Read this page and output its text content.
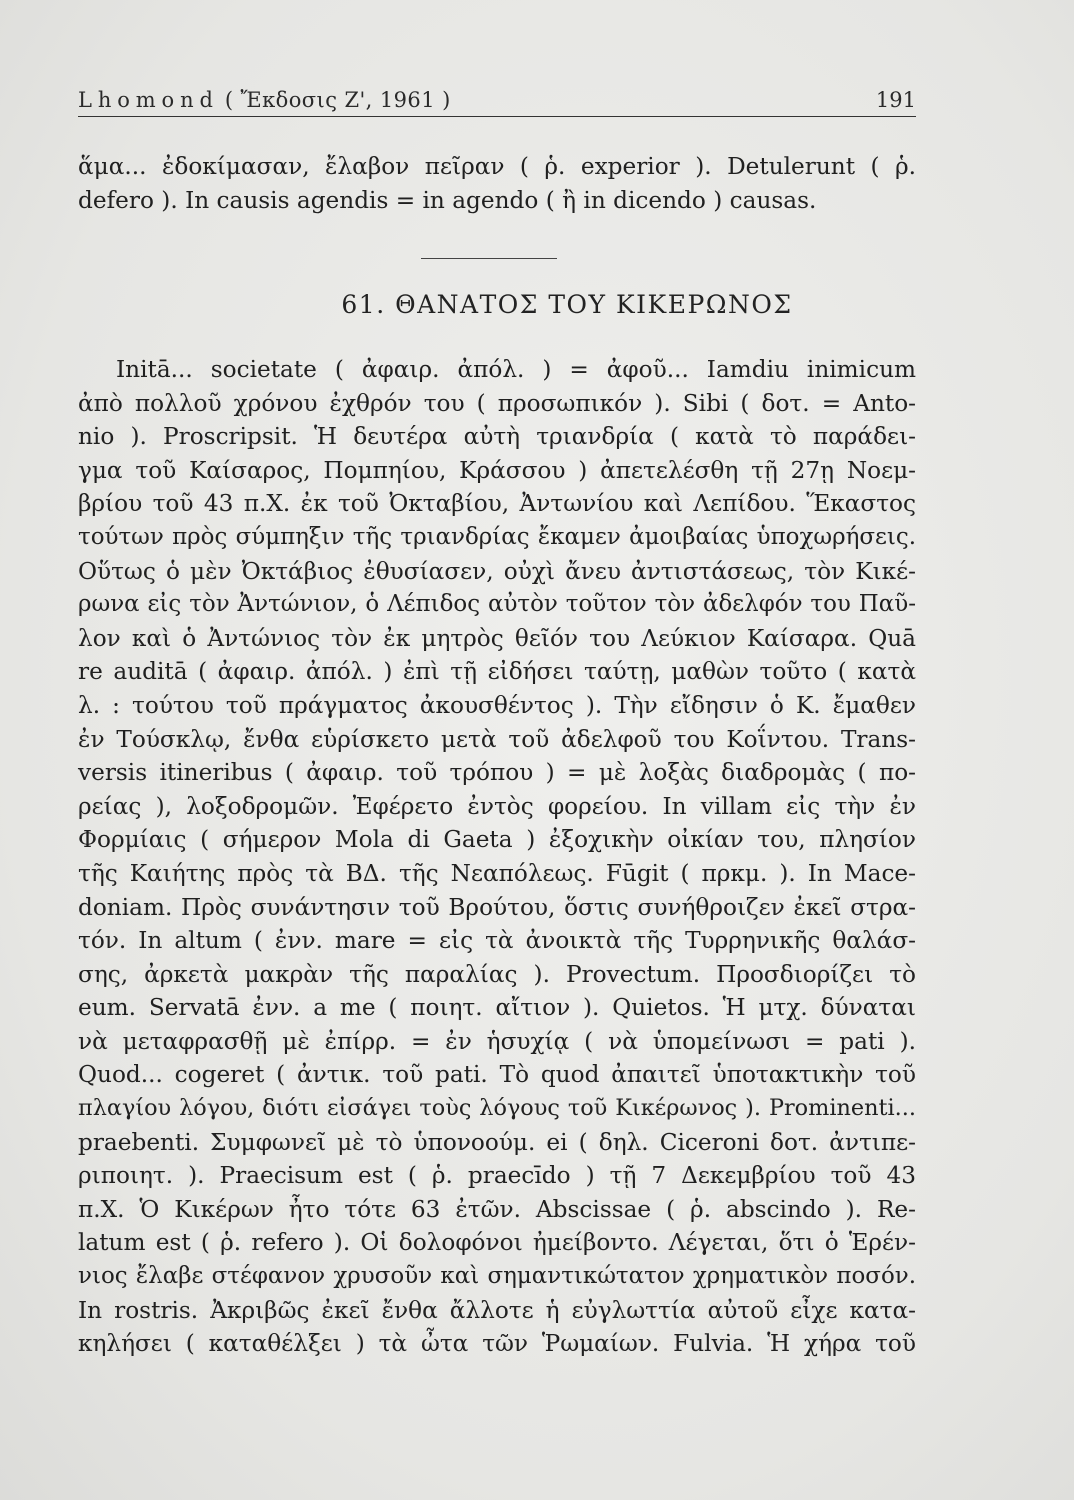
Lhomond ( Ἔκδοσις Ζ', 1961 )	191
ἅμα... ἐδοκίμασαν, ἔλαβον πεῖραν ( ῥ. experior ). Detulerunt ( ῥ.
defero ). In causis agendis = in agendo ( ἢ in dicendo ) causas.
61. ΘΑΝΑΤΟΣ ΤΟΥ ΚΙΚΕΡΩΝΟΣ
Initā... societate ( ἀφαιρ. ἀπόλ. ) = ἀφοῦ... Iamdiu inimicum
ἀπὸ πολλοῦ χρόνου ἐχθρόν του ( προσωπικόν ). Sibi ( δοτ. = Anto-
nio ). Proscripsit. Ἡ δευτέρα αὐτὴ τριανδρία ( κατὰ τὸ παράδει-
γμα τοῦ Καίσαρος, Πομπηίου, Κράσσου ) ἀπετελέσθη τῇ 27ῃ Νοεμ-
βρίου τοῦ 43 π.Χ. ἐκ τοῦ Ὀκταβίου, Ἀντωνίου καὶ Λεπίδου. Ἕκαστος
τούτων πρὸς σύμπηξιν τῆς τριανδρίας ἔκαμεν ἀμοιβαίας ὑποχωρήσεις.
Οὕτως ὁ μὲν Ὀκτάβιος ἐθυσίασεν, οὐχὶ ἄνευ ἀντιστάσεως, τὸν Κικέ-
ρωνα εἰς τὸν Ἀντώνιον, ὁ Λέπιδος αὐτὸν τοῦτον τὸν ἀδελφόν του Παῦ-
λον καὶ ὁ Ἀντώνιος τὸν ἐκ μητρὸς θεῖόν του Λεύκιον Καίσαρα. Quā
re auditā ( ἀφαιρ. ἀπόλ. ) ἐπὶ τῇ εἰδήσει ταύτῃ, μαθὼν τοῦτο ( κατὰ
λ. : τούτου τοῦ πράγματος ἀκουσθέντος ). Τὴν εἴδησιν ὁ Κ. ἔμαθεν
ἐν Τούσκλῳ, ἔνθα εὑρίσκετο μετὰ τοῦ ἀδελφοῦ του Κοΐντου. Trans-
versis itineribus ( ἀφαιρ. τοῦ τρόπου ) = μὲ λοξὰς διαδρομὰς ( πο-
ρείας ), λοξοδρομῶν. Ἐφέρετο ἐντὸς φορείου. In villam εἰς τὴν ἐν
Φορμίαις ( σήμερον Mola di Gaeta ) ἐξοχικὴν οἰκίαν του, πλησίον
τῆς Καιήτης πρὸς τὰ ΒΔ. τῆς Νεαπόλεως. Fūgit ( πρκμ. ). In Mace-
doniam. Πρὸς συνάντησιν τοῦ Βρούτου, ὅστις συνήθροιζεν ἐκεῖ στρα-
τόν. In altum ( ἐνν. mare = εἰς τὰ ἀνοικτὰ τῆς Τυρρηνικῆς θαλάσ-
σης, ἀρκετὰ μακρὰν τῆς παραλίας ). Provectum. Προσδιορίζει τὸ
eum. Servatā ἐνν. a me ( ποιητ. αἴτιον ). Quietos. Ἡ μτχ. δύναται
νὰ μεταφρασθῇ μὲ ἐπίρρ. = ἐν ἡσυχίᾳ ( νὰ ὑπομείνωσι = pati ).
Quod... cogeret ( ἀντικ. τοῦ pati. Τὸ quod ἀπαιτεῖ ὑποτακτικὴν τοῦ
πλαγίου λόγου, διότι εἰσάγει τοὺς λόγους τοῦ Κικέρωνος ). Prominenti...
praebenti. Συμφωνεῖ μὲ τὸ ὑπονοούμ. ei ( δηλ. Ciceroni δοτ. ἀντιπε-
ριποιητ. ). Praecisum est ( ῥ. praecīdo ) τῇ 7 Δεκεμβρίου τοῦ 43
π.Χ. Ὁ Κικέρων ἦτο τότε 63 ἐτῶν. Abscissae ( ῥ. abscindo ). Re-
latum est ( ῥ. refero ). Οἱ δολοφόνοι ἠμείβοντο. Λέγεται, ὅτι ὁ Ἑρέν-
νιος ἔλαβε στέφανον χρυσοῦν καὶ σημαντικώτατον χρηματικὸν ποσόν.
In rostris. Ἀκριβῶς ἐκεῖ ἔνθα ἄλλοτε ἡ εὐγλωττία αὐτοῦ εἶχε κατα-
κηλήσει ( καταθέλξει ) τὰ ὦτα τῶν Ῥωμαίων. Fulvia. Ἡ χήρα τοῦ
